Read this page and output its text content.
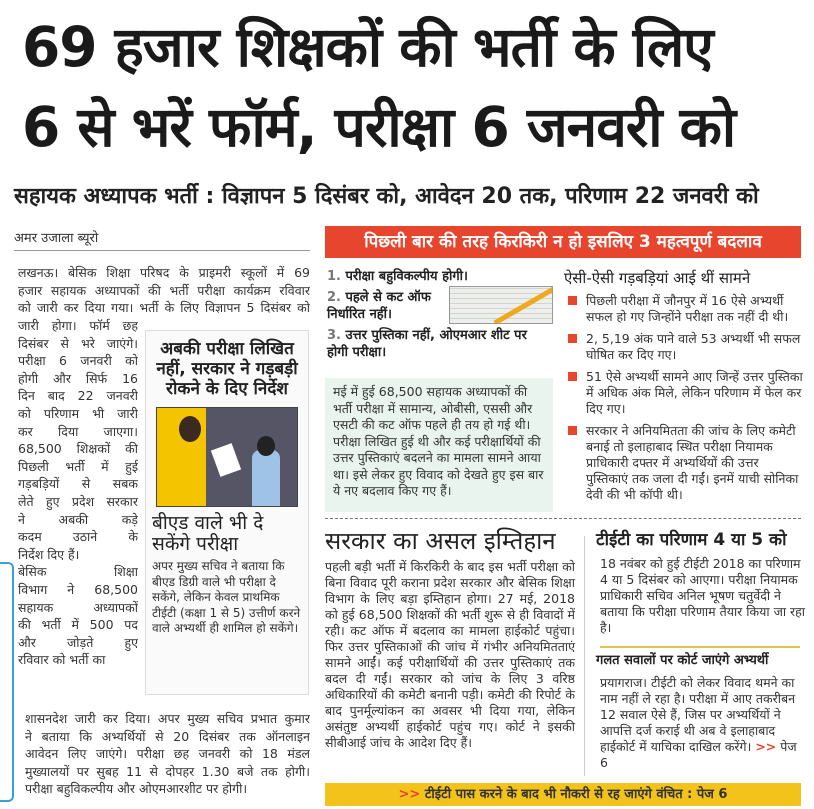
69 हजार शिक्षकों की भर्ती के लिए
6 से भरें फॉर्म, परीक्षा 6 जनवरी को
सहायक अध्यापक भर्ती : विज्ञापन 5 दिसंबर को, आवेदन 20 तक, परिणाम 22 जनवरी को
अमर उजाला ब्यूरो
लखनऊ। बेसिक शिक्षा परिषद के प्राइमरी स्कूलों में 69
हजार सहायक अध्यापकों की भर्ती परीक्षा कार्यक्रम रविवार
को जारी कर दिया गया। भर्ती के लिए विज्ञापन 5 दिसंबर को
जारी होगा। फॉर्म छह
दिसंबर से भरे जाएंगे।
परीक्षा 6 जनवरी को
होगी और सिर्फ 16
दिन बाद 22 जनवरी
को परिणाम भी जारी
कर दिया जाएगा।
68,500 शिक्षकों की
पिछली भर्ती में हुई
गड़बड़ियों से सबक
लेते हुए प्रदेश सरकार
ने अबकी कड़े
कदम उठाने के
निर्देश दिए हैं।
बेसिक शिक्षा
विभाग ने 68,500
सहायक अध्यापकों
की भर्ती में 500 पद
और जोड़ते हुए
रविवार को भर्ती का
शासनदेश जारी कर दिया। अपर मुख्य सचिव प्रभात कुमार
ने बताया कि अभ्यर्थियों से 20 दिसंबर तक ऑनलाइन
आवेदन लिए जाएंगे। परीक्षा छह जनवरी को 18 मंडल
मुख्यालयों पर सुबह 11 से दोपहर 1.30 बजे तक होगी।
परीक्षा बहुविकल्पीय और ओएमआरशीट पर होगी।
अबकी परीक्षा लिखित नहीं, सरकार ने गड़बड़ी रोकने के दिए निर्देश
बीएड वाले भी दे सकेंगे परीक्षा
अपर मुख्य सचिव ने बताया कि बीएड डिग्री वाले भी परीक्षा दे सकेंगे, लेकिन केवल प्राथमिक टीईटी (कक्षा 1 से 5) उत्तीर्ण करने वाले अभ्यर्थी ही शामिल हो सकेंगे।
पिछली बार की तरह किरकिरी न हो इसलिए 3 महत्वपूर्ण बदलाव
1. परीक्षा बहुविकल्पीय होगी।
2. पहले से कट ऑफ निर्धारित नहीं।
3. उत्तर पुस्तिका नहीं, ओएमआर शीट पर होगी परीक्षा।
मई में हुई 68,500 सहायक अध्यापकों की भर्ती परीक्षा में सामान्य, ओबीसी, एससी और एसटी की कट ऑफ पहले ही तय हो गई थी। परीक्षा लिखित हुई थी और कई परीक्षार्थियों की उत्तर पुस्तिकाएं बदलने का मामला सामने आया था। इसे लेकर हुए विवाद को देखते हुए इस बार ये नए बदलाव किए गए हैं।
ऐसी-ऐसी गड़बड़ियां आई थीं सामने
पिछली परीक्षा में जौनपुर में 16 ऐसे अभ्यर्थी सफल हो गए जिन्होंने परीक्षा तक नहीं दी थी।
2, 5,19 अंक पाने वाले 53 अभ्यर्थी भी सफल घोषित कर दिए गए।
51 ऐसे अभ्यर्थी सामने आए जिन्हें उत्तर पुस्तिका में अधिक अंक मिले, लेकिन परिणाम में फेल कर दिए गए।
सरकार ने अनियमितता की जांच के लिए कमेटी बनाई तो इलाहाबाद स्थित परीक्षा नियामक प्राधिकारी दफ्तर में अभ्यर्थियों की उत्तर पुस्तिकाएं तक जला दी गईं। इनमें याची सोनिका देवी की भी कॉपी थी।
सरकार का असल इम्तिहान
पहली बड़ी भर्ती में किरकिरी के बाद इस भर्ती परीक्षा को बिना विवाद पूरी कराना प्रदेश सरकार और बेसिक शिक्षा विभाग के लिए बड़ा इम्तिहान होगा। 27 मई, 2018 को हुई 68,500 शिक्षकों की भर्ती शुरू से ही विवादों में रही। कट ऑफ में बदलाव का मामला हाईकोर्ट पहुंचा। फिर उत्तर पुस्तिकाओं की जांच में गंभीर अनियमितताएं सामने आईं। कई परीक्षार्थियों की उत्तर पुस्तिकाएं तक बदल दी गईं। सरकार को जांच के लिए 3 वरिष्ठ अधिकारियों की कमेटी बनानी पड़ी। कमेटी की रिपोर्ट के बाद पुनर्मूल्यांकन का अवसर भी दिया गया, लेकिन असंतुष्ट अभ्यर्थी हाईकोर्ट पहुंच गए। कोर्ट ने इसकी सीबीआई जांच के आदेश दिए हैं।
टीईटी का परिणाम 4 या 5 को
18 नवंबर को हुई टीईटी 2018 का परिणाम 4 या 5 दिसंबर को आएगा। परीक्षा नियामक प्राधिकारी सचिव अनिल भूषण चतुर्वेदी ने बताया कि परीक्षा परिणाम तैयार किया जा रहा है।
गलत सवालों पर कोर्ट जाएंगे अभ्यर्थी
प्रयागराज। टीईटी को लेकर विवाद थमने का नाम नहीं ले रहा है। परीक्षा में आए तकरीबन 12 सवाल ऐसे हैं, जिस पर अभ्यर्थियों ने आपत्ति दर्ज कराई थी अब वे इलाहाबाद हाईकोर्ट में याचिका दाखिल करेंगे। >> पेज 6
>> टीईटी पास करने के बाद भी नौकरी से रह जाएंगे वंचित : पेज 6
